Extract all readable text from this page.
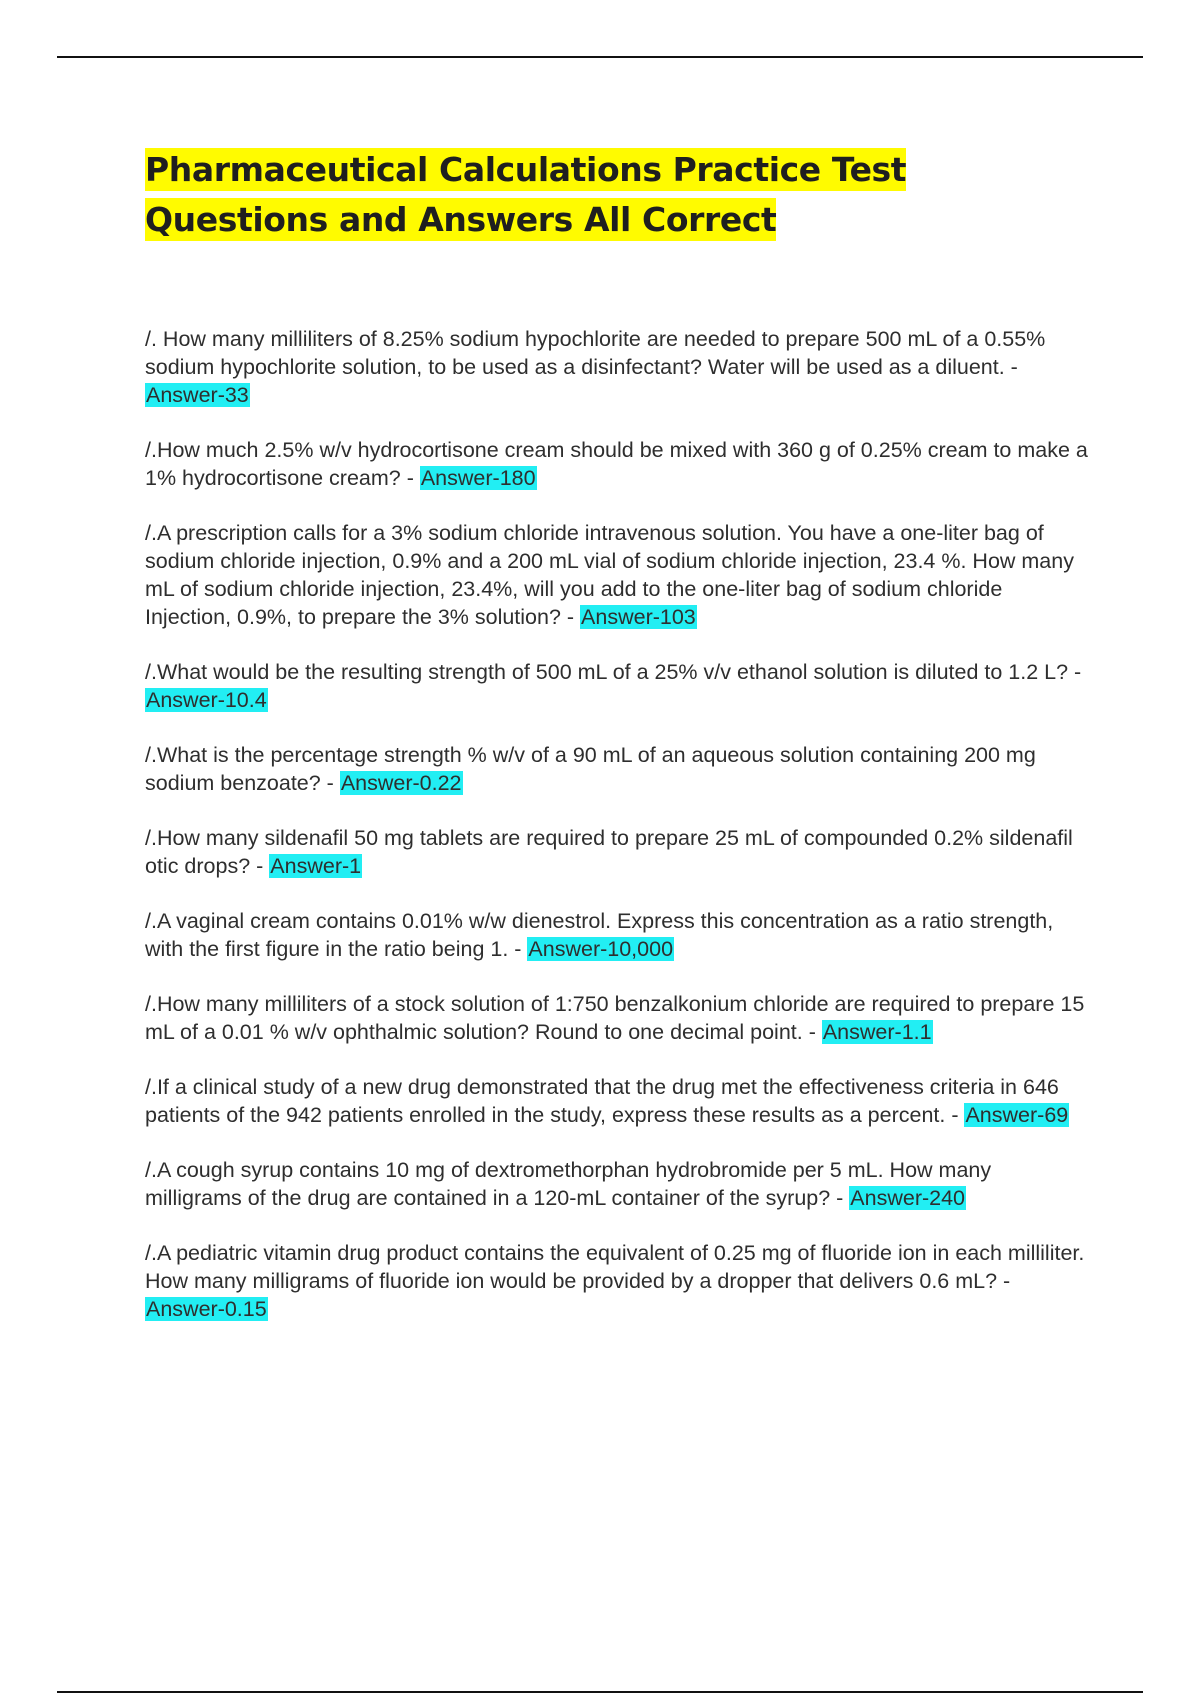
Pharmaceutical Calculations Practice Test Questions and Answers All Correct

/. How many milliliters of 8.25% sodium hypochlorite are needed to prepare 500 mL of a 0.55% sodium hypochlorite solution, to be used as a disinfectant? Water will be used as a diluent. - Answer-33

/.How much 2.5% w/v hydrocortisone cream should be mixed with 360 g of 0.25% cream to make a 1% hydrocortisone cream? - Answer-180

/.A prescription calls for a 3% sodium chloride intravenous solution. You have a one-liter bag of sodium chloride injection, 0.9% and a 200 mL vial of sodium chloride injection, 23.4 %. How many mL of sodium chloride injection, 23.4%, will you add to the one-liter bag of sodium chloride Injection, 0.9%, to prepare the 3% solution? - Answer-103

/.What would be the resulting strength of 500 mL of a 25% v/v ethanol solution is diluted to 1.2 L? - Answer-10.4

/.What is the percentage strength % w/v of a 90 mL of an aqueous solution containing 200 mg sodium benzoate? - Answer-0.22

/.How many sildenafil 50 mg tablets are required to prepare 25 mL of compounded 0.2% sildenafil otic drops? - Answer-1

/.A vaginal cream contains 0.01% w/w dienestrol. Express this concentration as a ratio strength, with the first figure in the ratio being 1. - Answer-10,000

/.How many milliliters of a stock solution of 1:750 benzalkonium chloride are required to prepare 15 mL of a 0.01 % w/v ophthalmic solution? Round to one decimal point. - Answer-1.1

/.If a clinical study of a new drug demonstrated that the drug met the effectiveness criteria in 646 patients of the 942 patients enrolled in the study, express these results as a percent. - Answer-69

/.A cough syrup contains 10 mg of dextromethorphan hydrobromide per 5 mL. How many milligrams of the drug are contained in a 120-mL container of the syrup? - Answer-240

/.A pediatric vitamin drug product contains the equivalent of 0.25 mg of fluoride ion in each milliliter. How many milligrams of fluoride ion would be provided by a dropper that delivers 0.6 mL? - Answer-0.15
